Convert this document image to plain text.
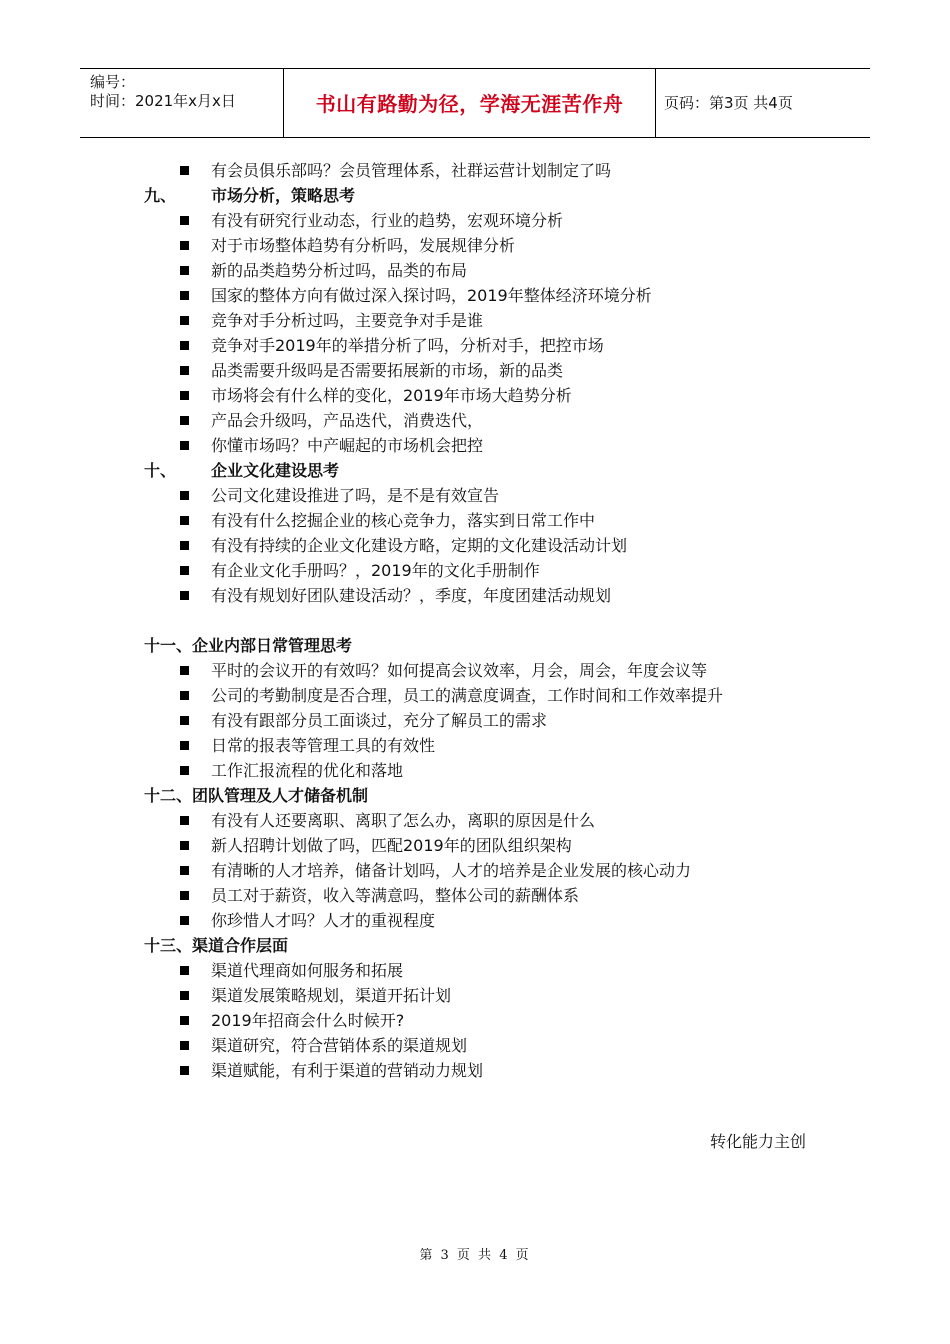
编号：
时间：2021年x月x日	书山有路勤为径，学海无涯苦作舟	页码：第3页 共4页
有会员俱乐部吗？会员管理体系，社群运营计划制定了吗
九、 市场分析，策略思考
有没有研究行业动态，行业的趋势，宏观环境分析
对于市场整体趋势有分析吗，发展规律分析
新的品类趋势分析过吗，品类的布局
国家的整体方向有做过深入探讨吗，2019年整体经济环境分析
竞争对手分析过吗，主要竞争对手是谁
竞争对手2019年的举措分析了吗，分析对手，把控市场
品类需要升级吗是否需要拓展新的市场，新的品类
市场将会有什么样的变化，2019年市场大趋势分析
产品会升级吗，产品迭代，消费迭代，
你懂市场吗？中产崛起的市场机会把控
十、 企业文化建设思考
公司文化建设推进了吗，是不是有效宣告
有没有什么挖掘企业的核心竞争力，落实到日常工作中
有没有持续的企业文化建设方略，定期的文化建设活动计划
有企业文化手册吗？，2019年的文化手册制作
有没有规划好团队建设活动？，季度，年度团建活动规划
十一、企业内部日常管理思考
平时的会议开的有效吗？如何提高会议效率，月会，周会，年度会议等
公司的考勤制度是否合理，员工的满意度调查，工作时间和工作效率提升
有没有跟部分员工面谈过，充分了解员工的需求
日常的报表等管理工具的有效性
工作汇报流程的优化和落地
十二、团队管理及人才储备机制
有没有人还要离职、离职了怎么办，离职的原因是什么
新人招聘计划做了吗，匹配2019年的团队组织架构
有清晰的人才培养，储备计划吗，人才的培养是企业发展的核心动力
员工对于薪资，收入等满意吗，整体公司的薪酬体系
你珍惜人才吗？人才的重视程度
十三、渠道合作层面
渠道代理商如何服务和拓展
渠道发展策略规划，渠道开拓计划
2019年招商会什么时候开?
渠道研究，符合营销体系的渠道规划
渠道赋能，有利于渠道的营销动力规划
转化能力主创
第 3 页 共 4 页
